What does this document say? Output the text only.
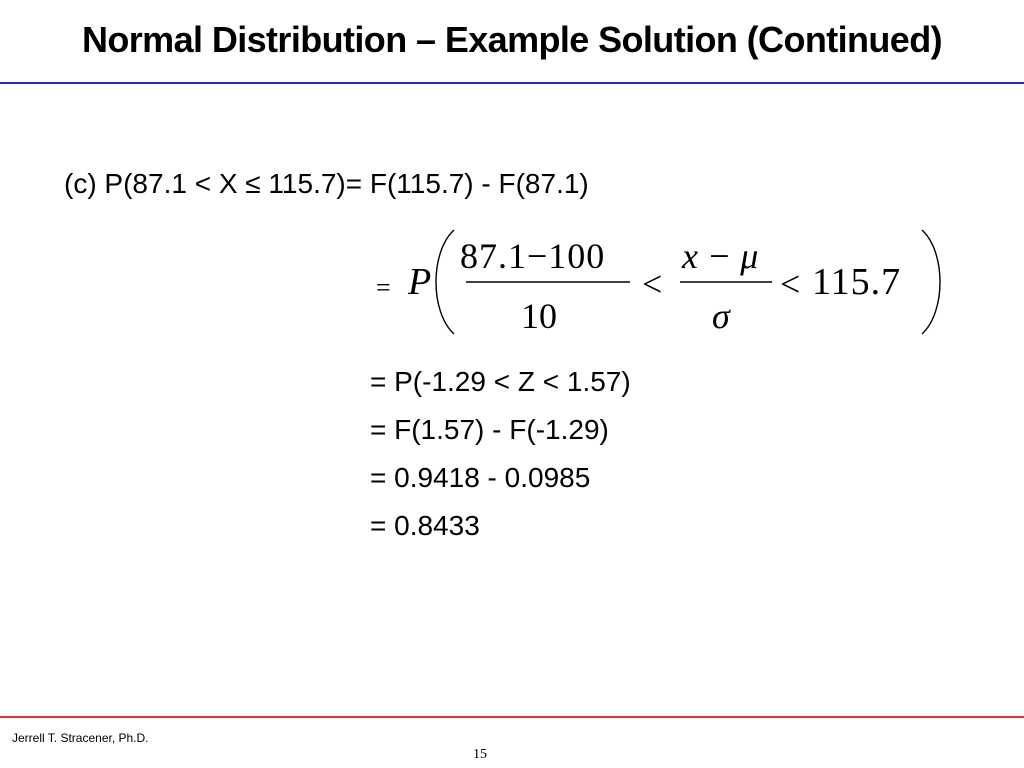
Normal Distribution – Example Solution (Continued)
(c) P(87.1 < X ≤ 115.7)= F(115.7) - F(87.1)
= P
87.1−100
10
<
x − μ
σ
< 115.7
= P(-1.29 < Z < 1.57)
= F(1.57) - F(-1.29)
= 0.9418 - 0.0985
= 0.8433
Jerrell T. Stracener, Ph.D.
15
